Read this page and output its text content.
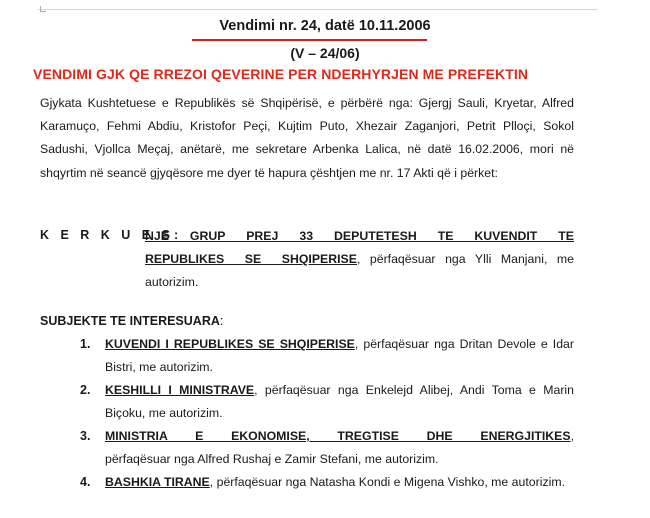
Vendimi nr. 24, datë 10.11.2006
(V – 24/06)
VENDIMI GJK QE RREZOI QEVERINE PER NDERHYRJEN ME PREFEKTIN
Gjykata Kushtetuese e Republikës së Shqipërisë, e përbërë nga: Gjergj Sauli, Kryetar, Alfred Karamuço, Fehmi Abdiu, Kristofor Peçi, Kujtim Puto, Xhezair Zaganjori, Petrit Plloçi, Sokol Sadushi, Vjollca Meçaj, anëtarë, me sekretare Arbenka Lalica, në datë 16.02.2006, mori në shqyrtim në seancë gjyqësore me dyer të hapura çështjen me nr. 17 Akti që i përket:
K E R K U E S:
NJE GRUP PREJ 33 DEPUTETESH TE KUVENDIT TE REPUBLIKES SE SHQIPERISE, përfaqësuar nga Ylli Manjani, me autorizim.
SUBJEKTE TE INTERESUARA:
1.	KUVENDI I REPUBLIKES SE SHQIPERISE, përfaqësuar nga Dritan Devole e Idar Bistri, me autorizim.
2.	KESHILLI I MINISTRAVE, përfaqësuar nga Enkelejd Alibej, Andi Toma e Marin Biçoku, me autorizim.
3.	MINISTRIA E EKONOMISE, TREGTISE DHE ENERGJITIKES, përfaqësuar nga Alfred Rushaj e Zamir Stefani, me autorizim.
4.	BASHKIA TIRANE, përfaqësuar nga Natasha Kondi e Migena Vishko, me autorizim.
